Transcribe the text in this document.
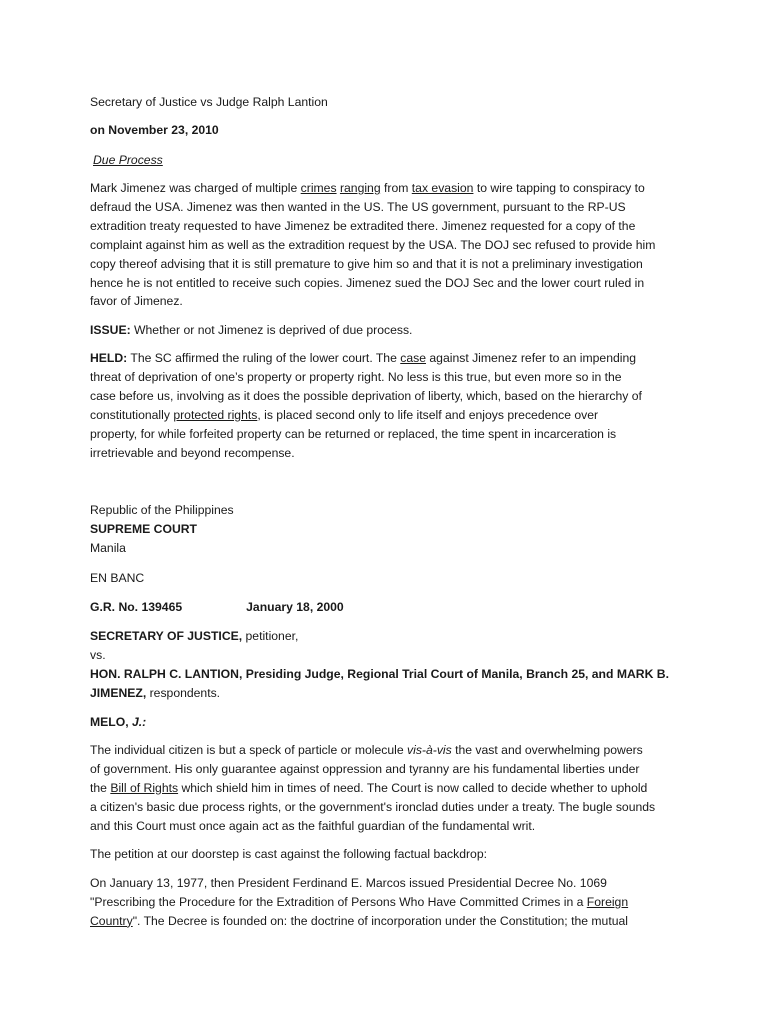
Secretary of Justice vs Judge Ralph Lantion
on November 23, 2010
Due Process

Mark Jimenez was charged of multiple crimes ranging from tax evasion to wire tapping to conspiracy to

defraud the USA. Jimenez was then wanted in the US. The US government, pursuant to the RP-US

extradition treaty requested to have Jimenez be extradited there. Jimenez requested for a copy of the

complaint against him as well as the extradition request by the USA. The DOJ sec refused to provide him

copy thereof advising that it is still premature to give him so and that it is not a preliminary investigation

hence he is not entitled to receive such copies. Jimenez sued the DOJ Sec and the lower court ruled in

favor of Jimenez.

ISSUE: Whether or not Jimenez is deprived of due process.

HELD: The SC affirmed the ruling of the lower court. The case against Jimenez refer to an impending

threat of deprivation of one’s property or property right. No less is this true, but even more so in the

case before us, involving as it does the possible deprivation of liberty, which, based on the hierarchy of

constitutionally protected rights, is placed second only to life itself and enjoys precedence over

property, for while forfeited property can be returned or replaced, the time spent in incarceration is

irretrievable and beyond recompense.

Republic of the Philippines
SUPREME COURT
Manila
EN BANC
G.R. No. 139465	January 18, 2000
SECRETARY OF JUSTICE, petitioner,
vs.
HON. RALPH C. LANTION, Presiding Judge, Regional Trial Court of Manila, Branch 25, and MARK B.
JIMENEZ, respondents.
MELO, J.:

The individual citizen is but a speck of particle or molecule vis-à-vis the vast and overwhelming powers

of government. His only guarantee against oppression and tyranny are his fundamental liberties under

the Bill of Rights which shield him in times of need. The Court is now called to decide whether to uphold

a citizen's basic due process rights, or the government's ironclad duties under a treaty. The bugle sounds

and this Court must once again act as the faithful guardian of the fundamental writ.

The petition at our doorstep is cast against the following factual backdrop:

On January 13, 1977, then President Ferdinand E. Marcos issued Presidential Decree No. 1069

"Prescribing the Procedure for the Extradition of Persons Who Have Committed Crimes in a Foreign

Country". The Decree is founded on: the doctrine of incorporation under the Constitution; the mutual
